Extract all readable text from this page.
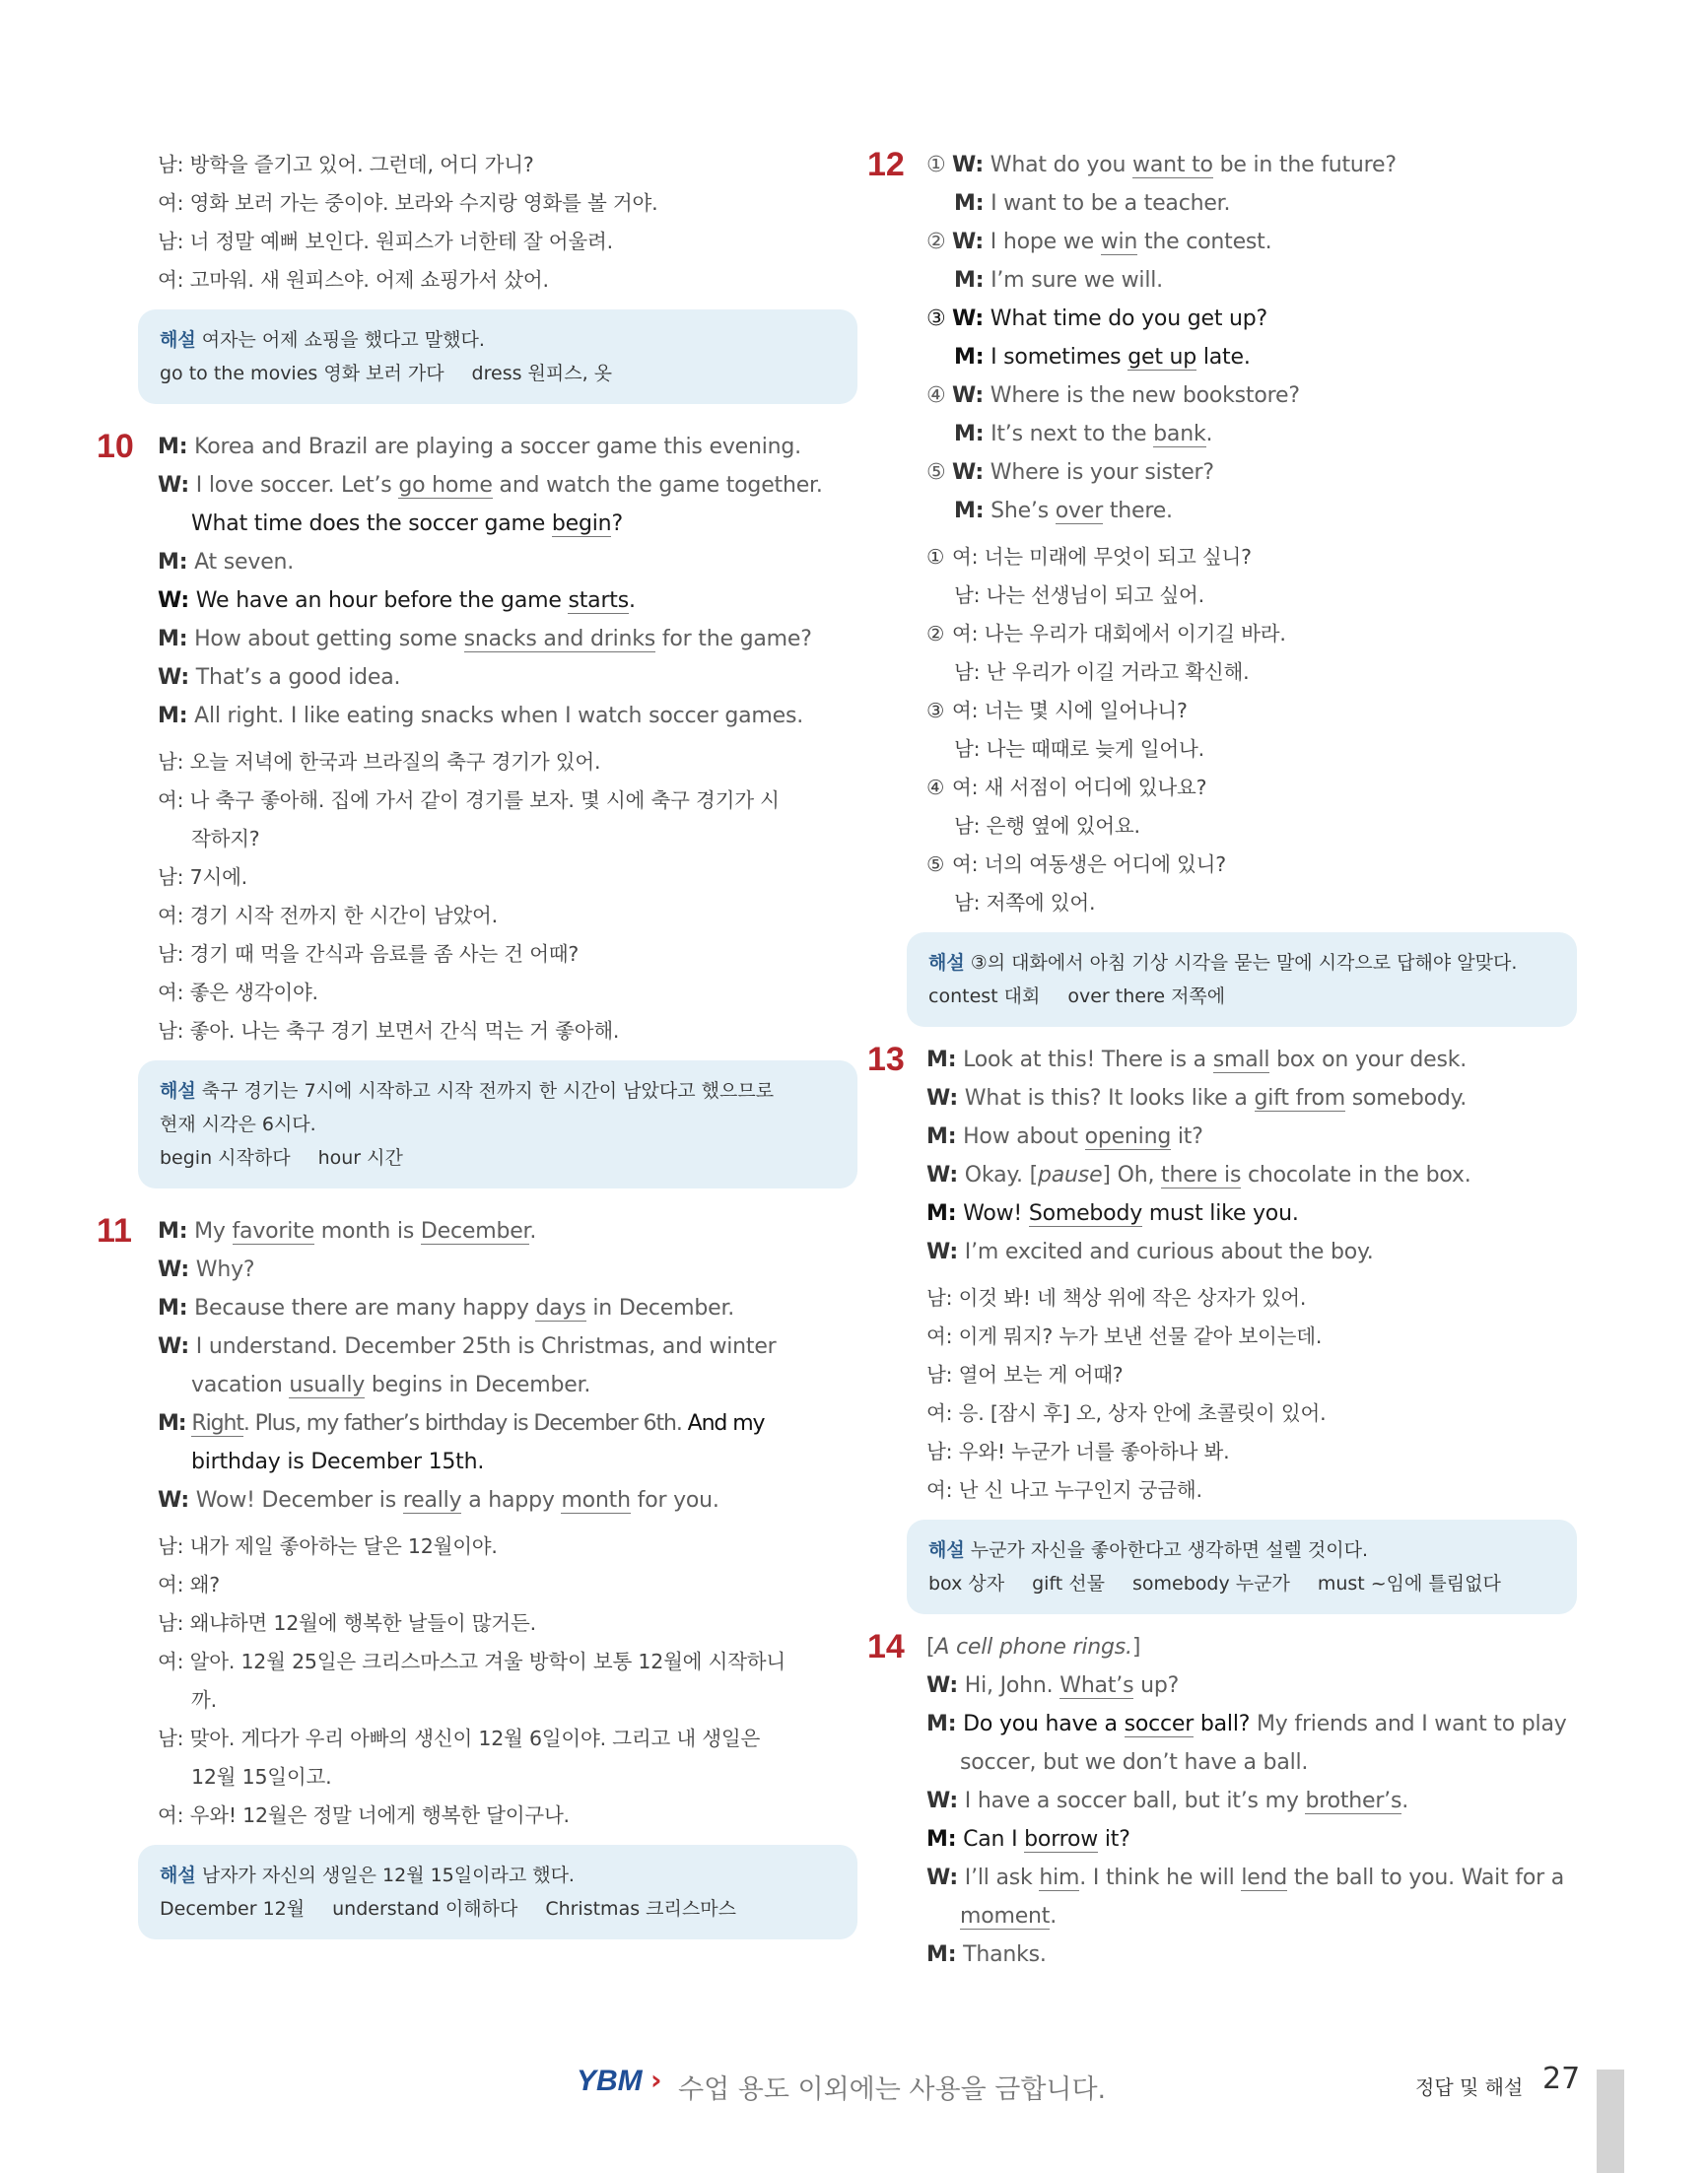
남: 방학을 즐기고 있어. 그런데, 어디 가니?
여: 영화 보러 가는 중이야. 보라와 수지랑 영화를 볼 거야.
남: 너 정말 예뻐 보인다. 원피스가 너한테 잘 어울려.
여: 고마워. 새 원피스야. 어제 쇼핑가서 샀어.
해설 여자는 어제 쇼핑을 했다고 말했다.
go to the movies 영화 보러 가다 dress 원피스, 옷
10 M: Korea and Brazil are playing a soccer game this evening.
W: I love soccer. Let’s go home and watch the game together.
What time does the soccer game begin?
M: At seven.
W: We have an hour before the game starts.
M: How about getting some snacks and drinks for the game?
W: That’s a good idea.
M: All right. I like eating snacks when I watch soccer games.
남: 오늘 저녁에 한국과 브라질의 축구 경기가 있어.
여: 나 축구 좋아해. 집에 가서 같이 경기를 보자. 몇 시에 축구 경기가 시
작하지?
남: 7시에.
여: 경기 시작 전까지 한 시간이 남았어.
남: 경기 때 먹을 간식과 음료를 좀 사는 건 어때?
여: 좋은 생각이야.
남: 좋아. 나는 축구 경기 보면서 간식 먹는 거 좋아해.
해설 축구 경기는 7시에 시작하고 시작 전까지 한 시간이 남았다고 했으므로
현재 시각은 6시다.
begin 시작하다 hour 시간
11 M: My favorite month is December.
W: Why?
M: Because there are many happy days in December.
W: I understand. December 25th is Christmas, and winter
vacation usually begins in December.
M: Right. Plus, my father’s birthday is December 6th. And my
birthday is December 15th.
W: Wow! December is really a happy month for you.
남: 내가 제일 좋아하는 달은 12월이야.
여: 왜?
남: 왜냐하면 12월에 행복한 날들이 많거든.
여: 알아. 12월 25일은 크리스마스고 겨울 방학이 보통 12월에 시작하니
까.
남: 맞아. 게다가 우리 아빠의 생신이 12월 6일이야. 그리고 내 생일은
12월 15일이고.
여: 우와! 12월은 정말 너에게 행복한 달이구나.
해설 남자가 자신의 생일은 12월 15일이라고 했다.
December 12월 understand 이해하다 Christmas 크리스마스
12 ① W: What do you want to be in the future?
M: I want to be a teacher.
② W: I hope we win the contest.
M: I’m sure we will.
③ W: What time do you get up?
M: I sometimes get up late.
④ W: Where is the new bookstore?
M: It’s next to the bank.
⑤ W: Where is your sister?
M: She’s over there.
① 여: 너는 미래에 무엇이 되고 싶니?
남: 나는 선생님이 되고 싶어.
② 여: 나는 우리가 대회에서 이기길 바라.
남: 난 우리가 이길 거라고 확신해.
③ 여: 너는 몇 시에 일어나니?
남: 나는 때때로 늦게 일어나.
④ 여: 새 서점이 어디에 있나요?
남: 은행 옆에 있어요.
⑤ 여: 너의 여동생은 어디에 있니?
남: 저쪽에 있어.
해설 ③의 대화에서 아침 기상 시각을 묻는 말에 시각으로 답해야 알맞다.
contest 대회 over there 저쪽에
13 M: Look at this! There is a small box on your desk.
W: What is this? It looks like a gift from somebody.
M: How about opening it?
W: Okay. [pause] Oh, there is chocolate in the box.
M: Wow! Somebody must like you.
W: I’m excited and curious about the boy.
남: 이것 봐! 네 책상 위에 작은 상자가 있어.
여: 이게 뭐지? 누가 보낸 선물 같아 보이는데.
남: 열어 보는 게 어때?
여: 응. [잠시 후] 오, 상자 안에 초콜릿이 있어.
남: 우와! 누군가 너를 좋아하나 봐.
여: 난 신 나고 누구인지 궁금해.
해설 누군가 자신을 좋아한다고 생각하면 설렐 것이다.
box 상자 gift 선물 somebody 누군가 must ~임에 틀림없다
14 [A cell phone rings.]
W: Hi, John. What’s up?
M: Do you have a soccer ball? My friends and I want to play
soccer, but we don’t have a ball.
W: I have a soccer ball, but it’s my brother’s.
M: Can I borrow it?
W: I’ll ask him. I think he will lend the ball to you. Wait for a
moment.
M: Thanks.
YBM › 수업 용도 이외에는 사용을 금합니다.	정답 및 해설 27
